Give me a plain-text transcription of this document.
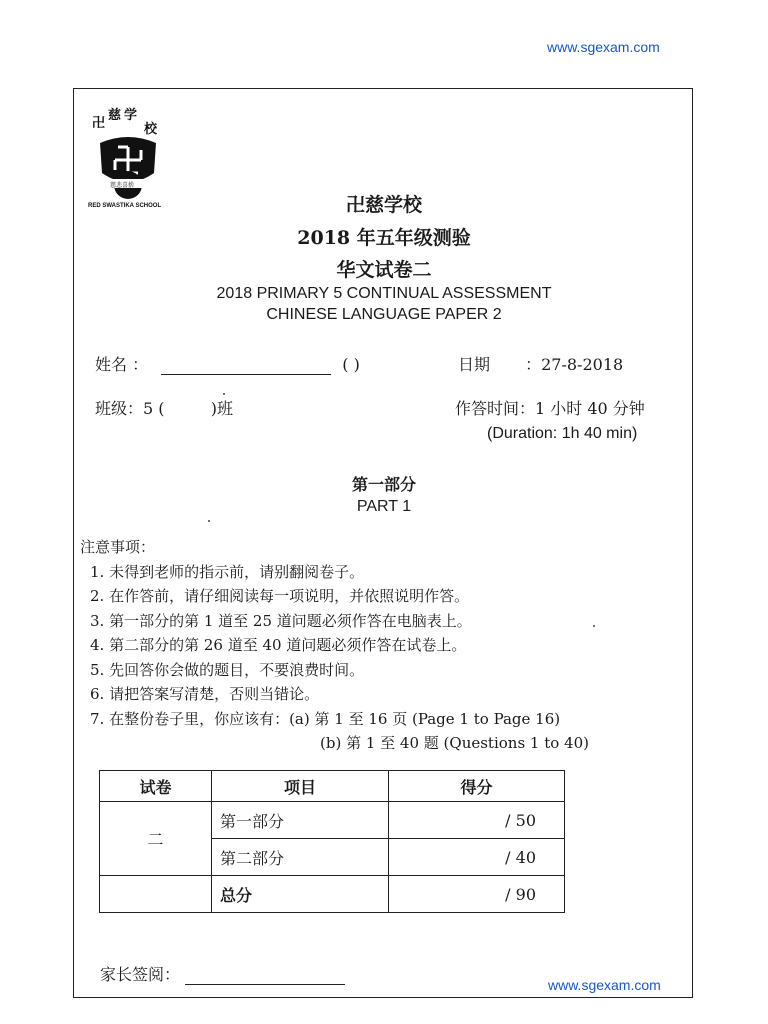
www.sgexam.com
卍
慈 学
校
慈悲喜捨
RED SWASTIKA SCHOOL	卍慈学校
2018 年五年级测验
华文试卷二
2018 PRIMARY 5 CONTINUAL ASSESSMENT
CHINESE LANGUAGE PAPER 2
姓名 ：	( )	日期 ：27-8-2018
班级：5 (	)班	作答时间：1 小时 40 分钟
(Duration: 1h 40 min)
第一部分
PART 1
注意事项：
1. 未得到老师的指示前，请别翻阅卷子。
2. 在作答前，请仔细阅读每一项说明，并依照说明作答。
3. 第一部分的第 1 道至 25 道问题必须作答在电脑表上。
4. 第二部分的第 26 道至 40 道问题必须作答在试卷上。
5. 先回答你会做的题目，不要浪费时间。
6. 请把答案写清楚，否则当错论。
7. 在整份卷子里，你应该有：(a) 第 1 至 16 页 (Page 1 to Page 16)
(b) 第 1 至 40 题 (Questions 1 to 40)
试卷	项目	得分
二	第一部分	/ 50
	第二部分	/ 40
	总分	/ 90
家长签阅：
www.sgexam.com
